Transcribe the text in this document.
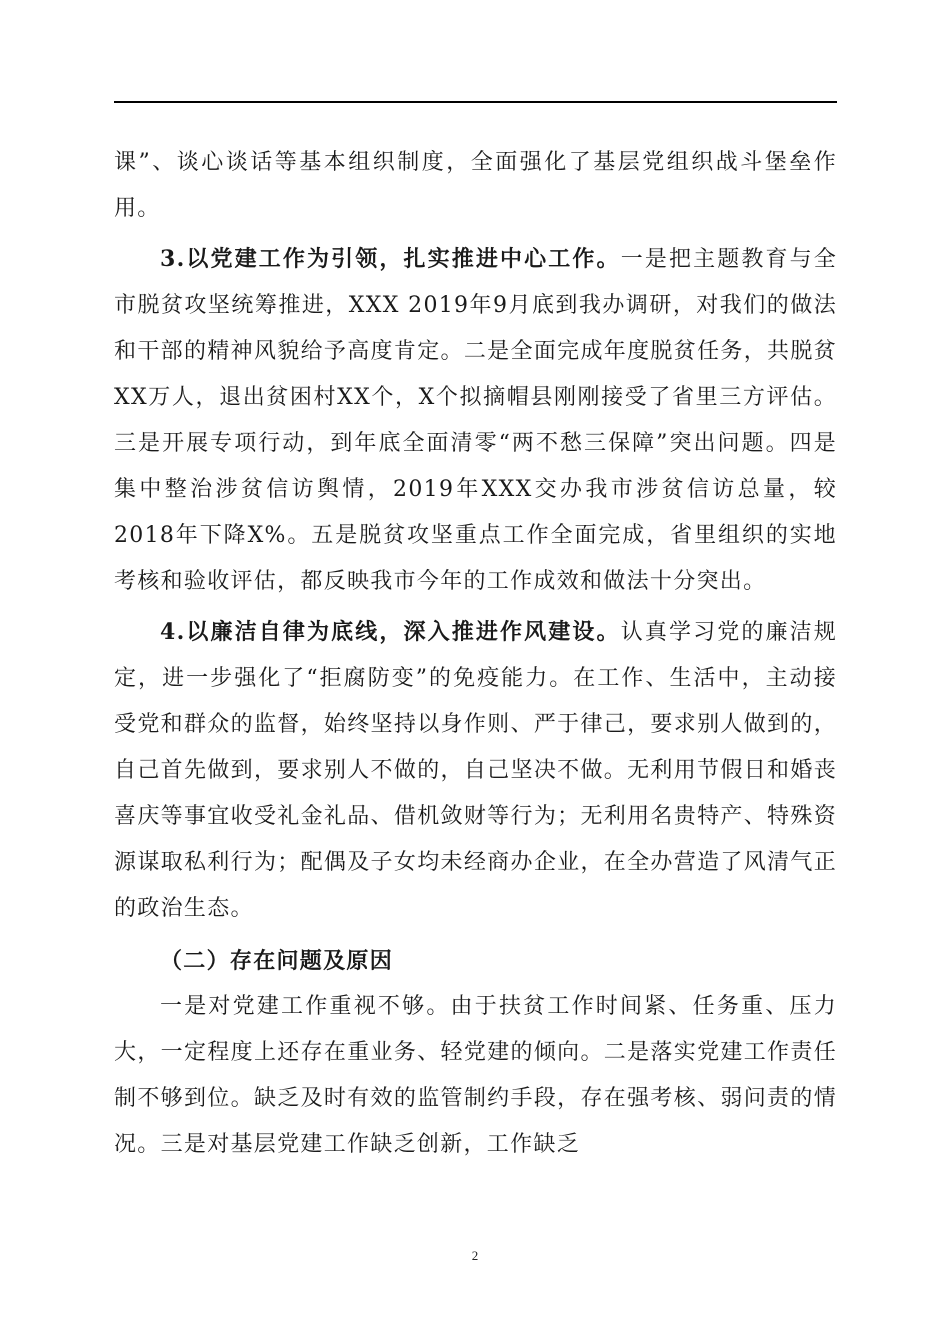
课”、谈心谈话等基本组织制度，全面强化了基层党组织战斗堡垒作用。

3.以党建工作为引领，扎实推进中心工作。一是把主题教育与全市脱贫攻坚统筹推进，XXX 2019年9月底到我办调研，对我们的做法和干部的精神风貌给予高度肯定。二是全面完成年度脱贫任务，共脱贫XX万人，退出贫困村XX个，X个拟摘帽县刚刚接受了省里三方评估。三是开展专项行动，到年底全面清零“两不愁三保障”突出问题。四是集中整治涉贫信访舆情，2019年XXX交办我市涉贫信访总量，较2018年下降X%。五是脱贫攻坚重点工作全面完成，省里组织的实地考核和验收评估，都反映我市今年的工作成效和做法十分突出。

4.以廉洁自律为底线，深入推进作风建设。认真学习党的廉洁规定，进一步强化了“拒腐防变”的免疫能力。在工作、生活中，主动接受党和群众的监督，始终坚持以身作则、严于律己，要求别人做到的，自己首先做到，要求别人不做的，自己坚决不做。无利用节假日和婚丧喜庆等事宜收受礼金礼品、借机敛财等行为；无利用名贵特产、特殊资源谋取私利行为；配偶及子女均未经商办企业，在全办营造了风清气正的政治生态。

（二）存在问题及原因

一是对党建工作重视不够。由于扶贫工作时间紧、任务重、压力大，一定程度上还存在重业务、轻党建的倾向。二是落实党建工作责任制不够到位。缺乏及时有效的监管制约手段，存在强考核、弱问责的情况。三是对基层党建工作缺乏创新，工作缺乏

2
